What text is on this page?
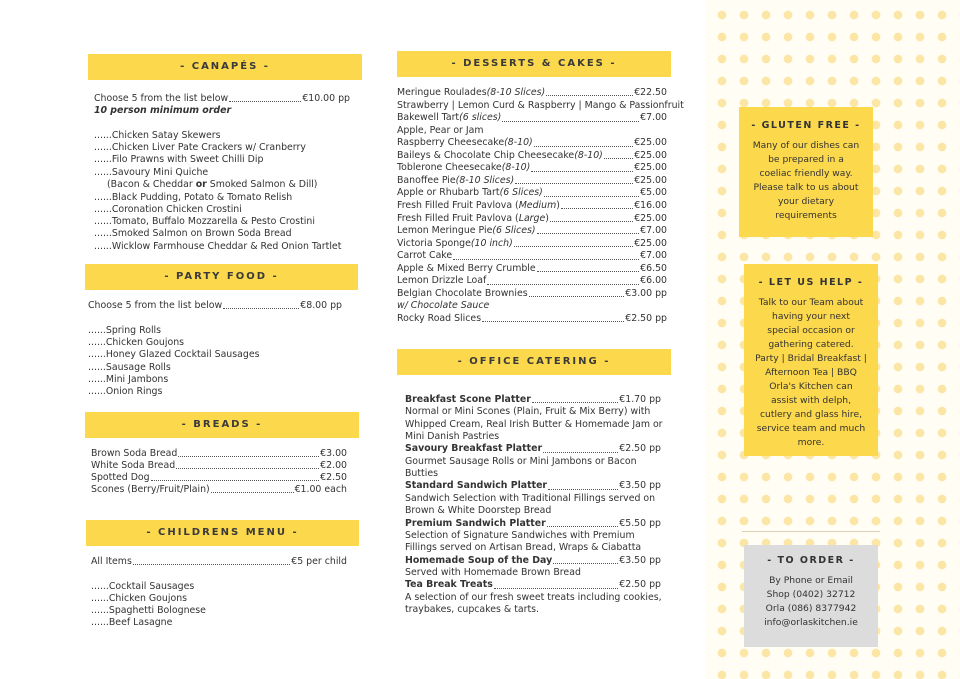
- CANAPÉS -
Choose 5 from the list below	€10.00 pp
10 person minimum order
......Chicken Satay Skewers
......Chicken Liver Pate Crackers w/ Cranberry
......Filo Prawns with Sweet Chilli Dip
......Savoury Mini Quiche
(Bacon & Cheddar or Smoked Salmon & Dill)
......Black Pudding, Potato & Tomato Relish
......Coronation Chicken Crostini
......Tomato, Buffalo Mozzarella & Pesto Crostini
......Smoked Salmon on Brown Soda Bread
......Wicklow Farmhouse Cheddar & Red Onion Tartlet
- PARTY FOOD -
Choose 5 from the list below	€8.00 pp
......Spring Rolls
......Chicken Goujons
......Honey Glazed Cocktail Sausages
......Sausage Rolls
......Mini Jambons
......Onion Rings
- BREADS -
Brown Soda Bread	€3.00
White Soda Bread	€2.00
Spotted Dog	€2.50
Scones (Berry/Fruit/Plain)	€1.00 each
- CHILDRENS MENU -
All Items	€5 per child
......Cocktail Sausages
......Chicken Goujons
......Spaghetti Bolognese
......Beef Lasagne
- DESSERTS & CAKES -
Meringue Roulades (8-10 Slices)	€22.50
Strawberry | Lemon Curd & Raspberry | Mango & Passionfruit
Bakewell Tart (6 slices)	€7.00
Apple, Pear or Jam
Raspberry Cheesecake (8-10)	€25.00
Baileys & Chocolate Chip Cheesecake (8-10)	€25.00
Toblerone Cheesecake (8-10)	€25.00
Banoffee Pie (8-10 Slices)	€25.00
Apple or Rhubarb Tart (6 Slices)	€5.00
Fresh Filled Fruit Pavlova ( Medium )	€16.00
Fresh Filled Fruit Pavlova ( Large )	€25.00
Lemon Meringue Pie (6 Slices)	€7.00
Victoria Sponge (10 inch)	€25.00
Carrot Cake	€7.00
Apple & Mixed Berry Crumble	€6.50
Lemon Drizzle Loaf	€6.00
Belgian Chocolate Brownies	€3.00 pp
w/ Chocolate Sauce
Rocky Road Slices	€2.50 pp
- OFFICE CATERING -
Breakfast Scone Platter	€1.70 pp
Normal or Mini Scones (Plain, Fruit & Mix Berry) with
Whipped Cream, Real Irish Butter & Homemade Jam or
Mini Danish Pastries
Savoury Breakfast Platter	€2.50 pp
Gourmet Sausage Rolls or Mini Jambons or Bacon
Butties
Standard Sandwich Platter	€3.50 pp
Sandwich Selection with Traditional Fillings served on
Brown & White Doorstep Bread
Premium Sandwich Platter	€5.50 pp
Selection of Signature Sandwiches with Premium
Fillings served on Artisan Bread, Wraps & Ciabatta
Homemade Soup of the Day	€3.50 pp
Served with Homemade Brown Bread
Tea Break Treats	€2.50 pp
A selection of our fresh sweet treats including cookies,
traybakes, cupcakes & tarts.
- GLUTEN FREE -
Many of our dishes can
be prepared in a
coeliac friendly way.
Please talk to us about
your dietary
requirements
- LET US HELP -
Talk to our Team about
having your next
special occasion or
gathering catered.
Party | Bridal Breakfast |
Afternoon Tea | BBQ
Orla's Kitchen can
assist with delph,
cutlery and glass hire,
service team and much
more.
- TO ORDER -
By Phone or Email
Shop (0402) 32712
Orla (086) 8377942
info@orlaskitchen.ie
